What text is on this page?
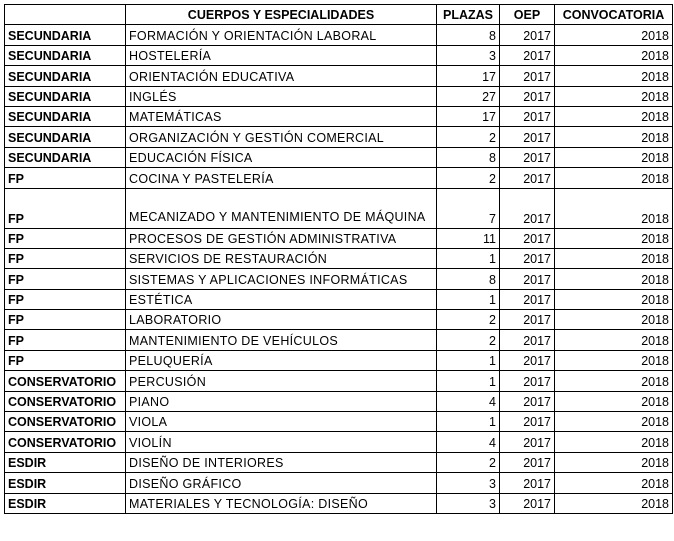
	CUERPOS Y ESPECIALIDADES	PLAZAS	OEP	CONVOCATORIA
SECUNDARIA	FORMACIÓN Y ORIENTACIÓN LABORAL	8	2017	2018
SECUNDARIA	HOSTELERÍA	3	2017	2018
SECUNDARIA	ORIENTACIÓN EDUCATIVA	17	2017	2018
SECUNDARIA	INGLÉS	27	2017	2018
SECUNDARIA	MATEMÁTICAS	17	2017	2018
SECUNDARIA	ORGANIZACIÓN Y GESTIÓN COMERCIAL	2	2017	2018
SECUNDARIA	EDUCACIÓN FÍSICA	8	2017	2018
FP	COCINA Y PASTELERÍA	2	2017	2018
FP	MECANIZADO Y MANTENIMIENTO DE MÁQUINA	7	2017	2018
FP	PROCESOS DE GESTIÓN ADMINISTRATIVA	11	2017	2018
FP	SERVICIOS DE RESTAURACIÓN	1	2017	2018
FP	SISTEMAS Y APLICACIONES INFORMÁTICAS	8	2017	2018
FP	ESTÉTICA	1	2017	2018
FP	LABORATORIO	2	2017	2018
FP	MANTENIMIENTO DE VEHÍCULOS	2	2017	2018
FP	PELUQUERÍA	1	2017	2018
CONSERVATORIO	PERCUSIÓN	1	2017	2018
CONSERVATORIO	PIANO	4	2017	2018
CONSERVATORIO	VIOLA	1	2017	2018
CONSERVATORIO	VIOLÍN	4	2017	2018
ESDIR	DISEÑO DE INTERIORES	2	2017	2018
ESDIR	DISEÑO GRÁFICO	3	2017	2018
ESDIR	MATERIALES Y TECNOLOGÍA: DISEÑO	3	2017	2018
